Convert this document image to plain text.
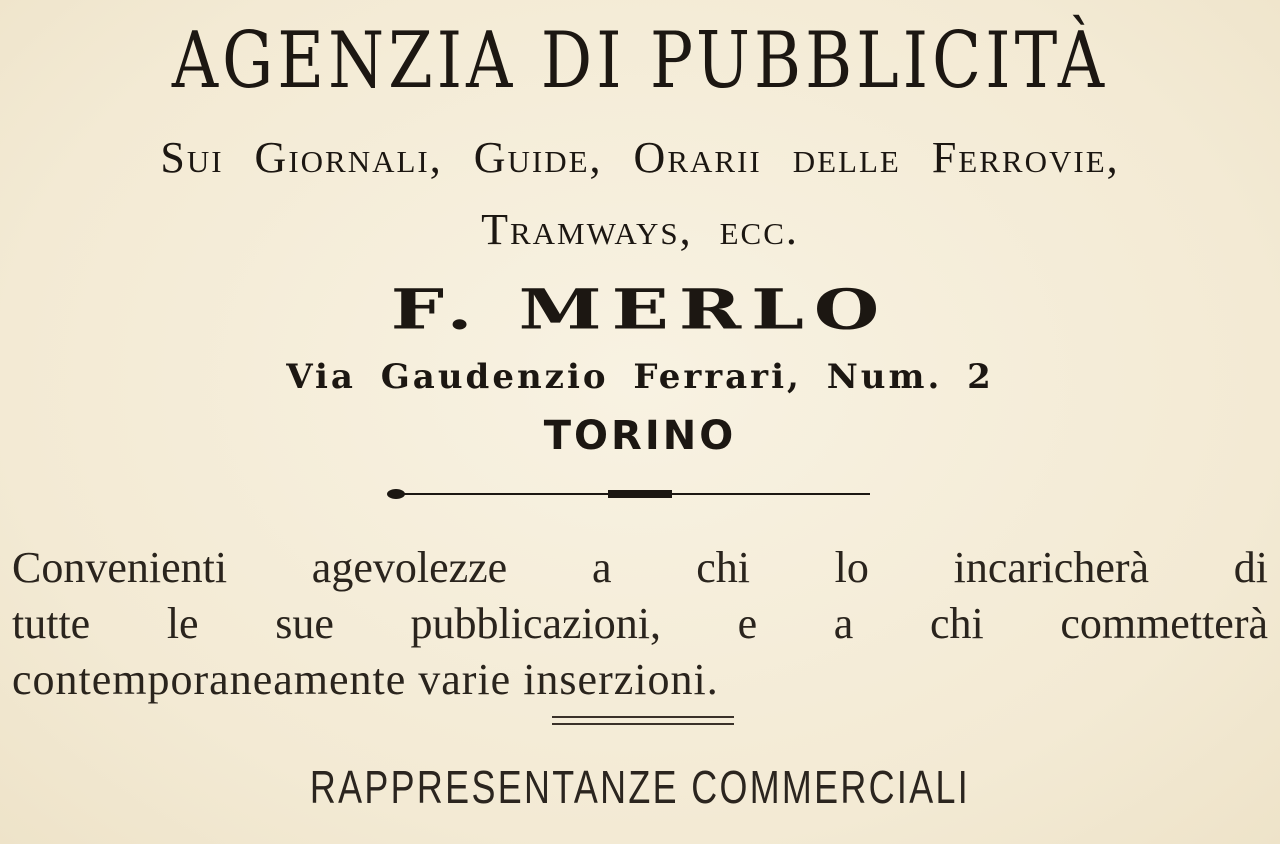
AGENZIA DI PUBBLICITÀ
Sui Giornali, Guide, Orarii delle Ferrovie,
Tramways, ecc.
F. MERLO
Via Gaudenzio Ferrari, Num. 2
TORINO
Convenienti agevolezze a chi lo incaricherà di
tutte le sue pubblicazioni, e a chi commetterà
contemporaneamente varie inserzioni.
RAPPRESENTANZE COMMERCIALI
